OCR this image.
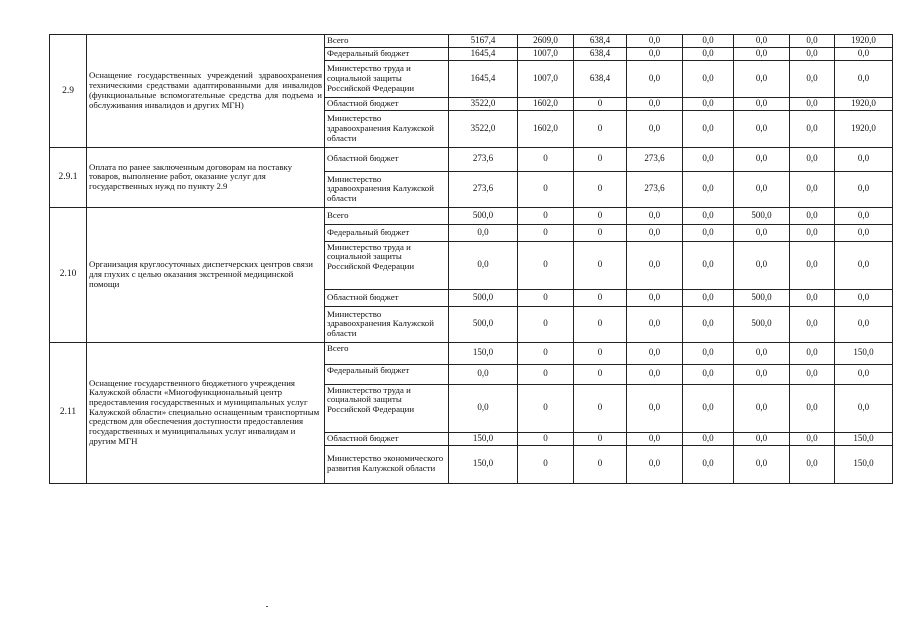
2.9	Оснащение государственных учреждений здравоохранения техническими средствами адаптированными для инвалидов (функциональные вспомогательные средства для подъема и обслуживания инвалидов и других МГН)	Всего	5167,4	2609,0	638,4	0,0	0,0	0,0	0,0	1920,0
		Федеральный бюджет	1645,4	1007,0	638,4	0,0	0,0	0,0	0,0	0,0
		Министерство труда и социальной защиты Российской Федерации	1645,4	1007,0	638,4	0,0	0,0	0,0	0,0	0,0
		Областной бюджет	3522,0	1602,0	0	0,0	0,0	0,0	0,0	1920,0
		Министерство здравоохранения Калужской области	3522,0	1602,0	0	0,0	0,0	0,0	0,0	1920,0
2.9.1	Оплата по ранее заключенным договорам на поставку товаров, выполнение работ, оказание услуг для государственных нужд по пункту 2.9	Областной бюджет	273,6	0	0	273,6	0,0	0,0	0,0	0,0
		Министерство здравоохранения Калужской области	273,6	0	0	273,6	0,0	0,0	0,0	0,0
2.10	Организация круглосуточных диспетчерских центров связи для глухих с целью оказания экстренной медицинской помощи	Всего	500,0	0	0	0,0	0,0	500,0	0,0	0,0
		Федеральный бюджет	0,0	0	0	0,0	0,0	0,0	0,0	0,0
		Министерство труда и социальной защиты Российской Федерации	0,0	0	0	0,0	0,0	0,0	0,0	0,0
		Областной бюджет	500,0	0	0	0,0	0,0	500,0	0,0	0,0
		Министерство здравоохранения Калужской области	500,0	0	0	0,0	0,0	500,0	0,0	0,0
2.11	Оснащение государственного бюджетного учреждения Калужской области «Многофункциональный центр предоставления государственных и муниципальных услуг Калужской области» специально оснащенным транспортным средством для обеспечения доступности предоставления государственных и муниципальных услуг инвалидам и другим МГН	Всего	150,0	0	0	0,0	0,0	0,0	0,0	150,0
		Федеральный бюджет	0,0	0	0	0,0	0,0	0,0	0,0	0,0
		Министерство труда и социальной защиты Российской Федерации	0,0	0	0	0,0	0,0	0,0	0,0	0,0
		Областной бюджет	150,0	0	0	0,0	0,0	0,0	0,0	150,0
		Министерство экономического развития Калужской области	150,0	0	0	0,0	0,0	0,0	0,0	150,0
